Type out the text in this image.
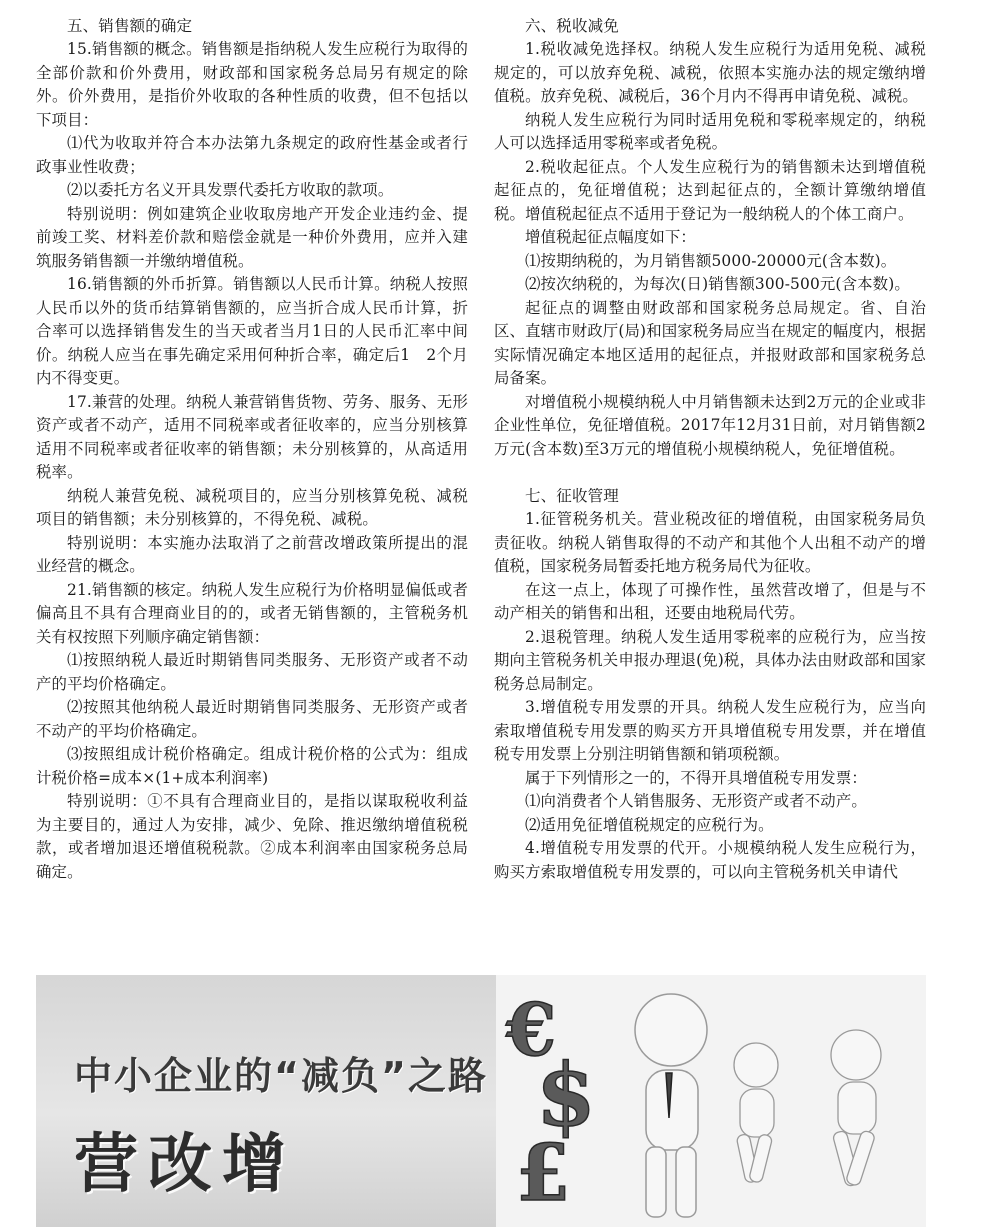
五、销售额的确定

15.销售额的概念。销售额是指纳税人发生应税行为取得的全部价款和价外费用，财政部和国家税务总局另有规定的除外。价外费用，是指价外收取的各种性质的收费，但不包括以下项目：

⑴代为收取并符合本办法第九条规定的政府性基金或者行政事业性收费；

⑵以委托方名义开具发票代委托方收取的款项。

特别说明：例如建筑企业收取房地产开发企业违约金、提前竣工奖、材料差价款和赔偿金就是一种价外费用，应并入建筑服务销售额一并缴纳增值税。

16.销售额的外币折算。销售额以人民币计算。纳税人按照人民币以外的货币结算销售额的，应当折合成人民币计算，折合率可以选择销售发生的当天或者当月1日的人民币汇率中间价。纳税人应当在事先确定采用何种折合率，确定后1　2个月内不得变更。

17.兼营的处理。纳税人兼营销售货物、劳务、服务、无形资产或者不动产，适用不同税率或者征收率的，应当分别核算适用不同税率或者征收率的销售额；未分别核算的，从高适用税率。

纳税人兼营免税、减税项目的，应当分别核算免税、减税项目的销售额；未分别核算的，不得免税、减税。

特别说明：本实施办法取消了之前营改增政策所提出的混业经营的概念。

21.销售额的核定。纳税人发生应税行为价格明显偏低或者偏高且不具有合理商业目的的，或者无销售额的，主管税务机关有权按照下列顺序确定销售额：

⑴按照纳税人最近时期销售同类服务、无形资产或者不动产的平均价格确定。

⑵按照其他纳税人最近时期销售同类服务、无形资产或者不动产的平均价格确定。

⑶按照组成计税价格确定。组成计税价格的公式为：组成计税价格=成本×(1+成本利润率)

特别说明：①不具有合理商业目的，是指以谋取税收利益为主要目的，通过人为安排，减少、免除、推迟缴纳增值税税款，或者增加退还增值税税款。②成本利润率由国家税务总局确定。

六、税收减免

1.税收减免选择权。纳税人发生应税行为适用免税、减税规定的，可以放弃免税、减税，依照本实施办法的规定缴纳增值税。放弃免税、减税后，36个月内不得再申请免税、减税。

纳税人发生应税行为同时适用免税和零税率规定的，纳税人可以选择适用零税率或者免税。

2.税收起征点。个人发生应税行为的销售额未达到增值税起征点的，免征增值税；达到起征点的，全额计算缴纳增值税。增值税起征点不适用于登记为一般纳税人的个体工商户。

增值税起征点幅度如下：

⑴按期纳税的，为月销售额5000-20000元(含本数)。

⑵按次纳税的，为每次(日)销售额300-500元(含本数)。

起征点的调整由财政部和国家税务总局规定。省、自治区、直辖市财政厅(局)和国家税务局应当在规定的幅度内，根据实际情况确定本地区适用的起征点，并报财政部和国家税务总局备案。

对增值税小规模纳税人中月销售额未达到2万元的企业或非企业性单位，免征增值税。2017年12月31日前，对月销售额2万元(含本数)至3万元的增值税小规模纳税人，免征增值税。

七、征收管理

1.征管税务机关。营业税改征的增值税，由国家税务局负责征收。纳税人销售取得的不动产和其他个人出租不动产的增值税，国家税务局暂委托地方税务局代为征收。

在这一点上，体现了可操作性，虽然营改增了，但是与不动产相关的销售和出租，还要由地税局代劳。

2.退税管理。纳税人发生适用零税率的应税行为，应当按期向主管税务机关申报办理退(免)税，具体办法由财政部和国家税务总局制定。

3.增值税专用发票的开具。纳税人发生应税行为，应当向索取增值税专用发票的购买方开具增值税专用发票，并在增值税专用发票上分别注明销售额和销项税额。

属于下列情形之一的，不得开具增值税专用发票：

⑴向消费者个人销售服务、无形资产或者不动产。

⑵适用免征增值税规定的应税行为。

4.增值税专用发票的代开。小规模纳税人发生应税行为，购买方索取增值税专用发票的，可以向主管税务机关申请代

中小企业的“减负”之路
营改增
€
$
£
